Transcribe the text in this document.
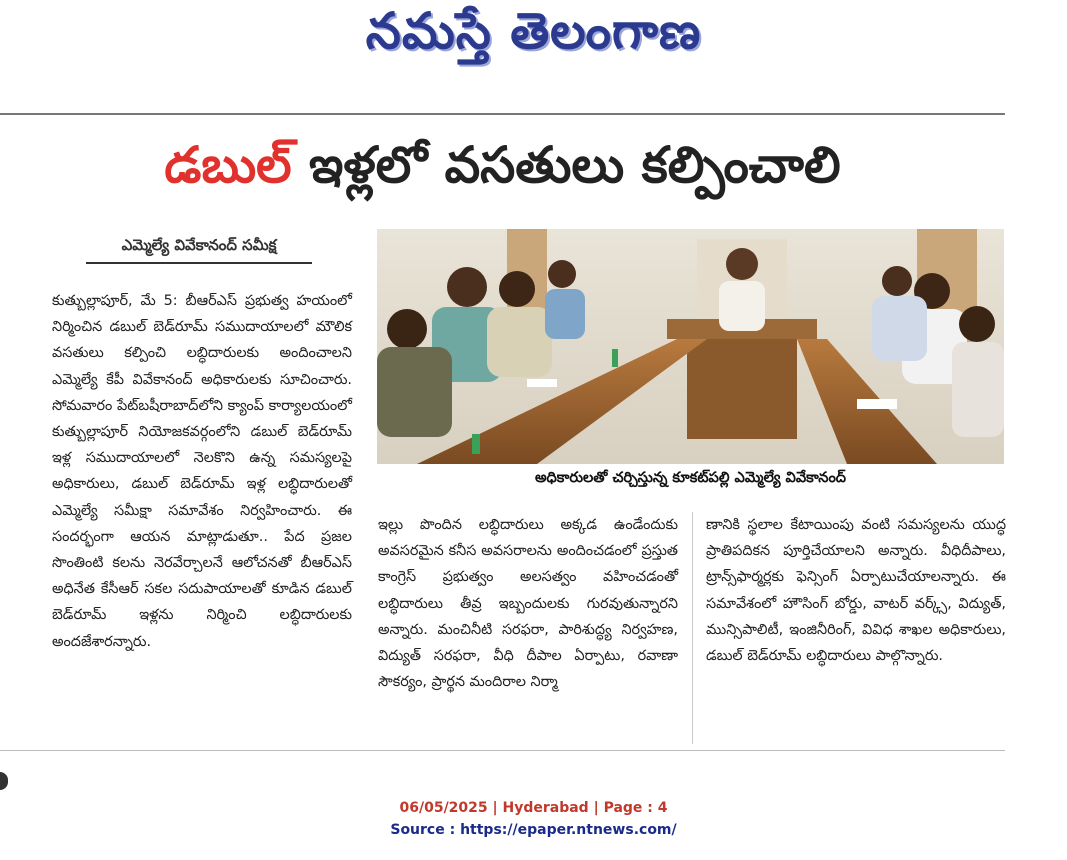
నమస్తే తెలంగాణ
డబుల్ ఇళ్లలో వసతులు కల్పించాలి
ఎమ్మెల్యే వివేకానంద్ సమీక్ష
కుత్బుల్లాపూర్, మే 5: బీఆర్ఎస్ ప్రభుత్వ హయంలో నిర్మించిన డబుల్ బెడ్‌రూమ్ సముదాయాలలో మౌలిక వసతులు కల్పించి లబ్ధిదారులకు అందించాలని ఎమ్మెల్యే కేపీ వివేకానంద్ అధికారులకు సూచించారు. సోమవారం పేట్‌బషీరాబాద్‌లోని క్యాంప్ కార్యాలయంలో కుత్బుల్లాపూర్ నియోజకవర్గంలోని డబుల్ బెడ్‌రూమ్ ఇళ్ల సముదాయాలలో నెలకొని ఉన్న సమస్యలపై అధికారులు, డబుల్ బెడ్‌రూమ్ ఇళ్ల లబ్ధిదారులతో ఎమ్మెల్యే సమీక్షా సమావేశం నిర్వహించారు. ఈ సందర్భంగా ఆయన మాట్లాడుతూ.. పేద ప్రజల సొంతింటి కలను నెరవేర్చాలనే ఆలోచనతో బీఆర్ఎస్ అధినేత కేసీఆర్ సకల సదుపాయాలతో కూడిన డబుల్ బెడ్‌రూమ్ ఇళ్లను నిర్మించి లబ్ధిదారులకు అందజేశారన్నారు.
అధికారులతో చర్చిస్తున్న కూకట్‌పల్లి ఎమ్మెల్యే వివేకానంద్
ఇల్లు పొందిన లబ్ధిదారులు అక్కడ ఉండేందుకు అవసరమైన కనీస అవసరాలను అందించడంలో ప్రస్తుత కాంగ్రెస్ ప్రభుత్వం అలసత్వం వహించడంతో లబ్ధిదారులు తీవ్ర ఇబ్బందులకు గురవుతున్నారని అన్నారు. మంచినీటి సరఫరా, పారిశుద్ధ్య నిర్వహణ, విద్యుత్ సరఫరా, వీధి దీపాల ఏర్పాటు, రవాణా సౌకర్యం, ప్రార్థన మందిరాల నిర్మా
ణానికి స్థలాల కేటాయింపు వంటి సమస్యలను యుద్ధ ప్రాతిపదికన పూర్తిచేయాలని అన్నారు. వీధిదీపాలు, ట్రాన్స్‌ఫార్మర్లకు ఫెన్సింగ్ ఏర్పాటుచేయాలన్నారు. ఈ సమావేశంలో హౌసింగ్ బోర్డు, వాటర్ వర్క్స్, విద్యుత్, మున్సిపాలిటీ, ఇంజినీరింగ్, వివిధ శాఖల అధికారులు, డబుల్ బెడ్‌రూమ్ లబ్ధిదారులు పాల్గొన్నారు.
06/05/2025 | Hyderabad | Page : 4
Source : https://epaper.ntnews.com/
